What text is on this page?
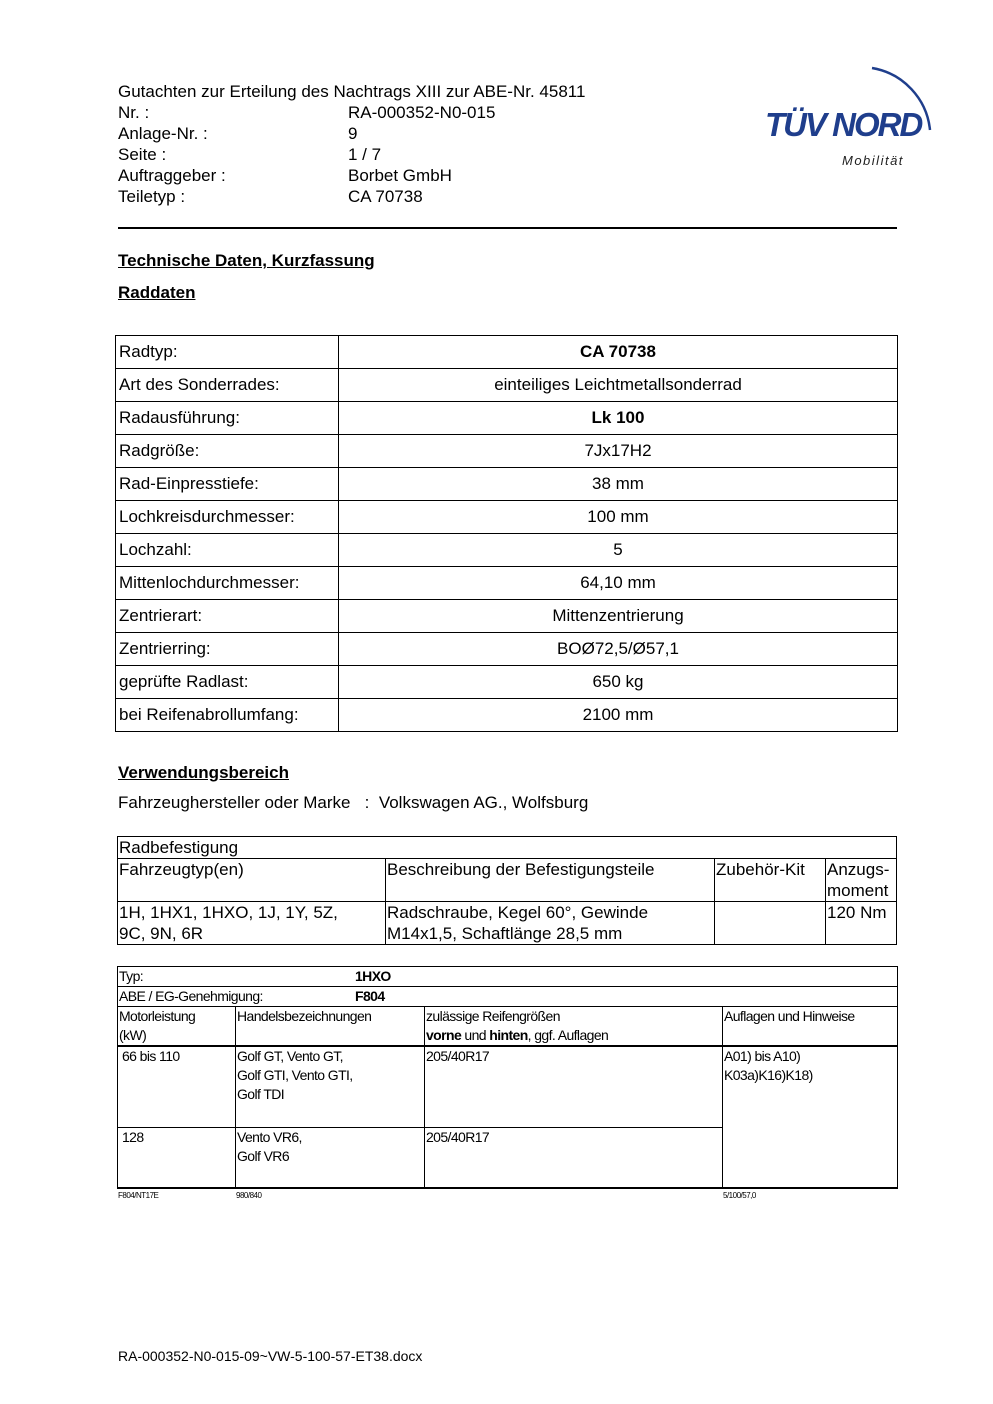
Gutachten zur Erteilung des Nachtrags XIII zur ABE-Nr. 45811
Nr. :	RA-000352-N0-015
Anlage-Nr. :	9
Seite :	1 / 7
Auftraggeber :	Borbet GmbH
Teiletyp :	CA 70738
TÜV NORD
Mobilität
Technische Daten, Kurzfassung
Raddaten
Radtyp:	CA 70738
Art des Sonderrades:	einteiliges Leichtmetallsonderrad
Radausführung:	Lk 100
Radgröße:	7Jx17H2
Rad-Einpresstiefe:	38 mm
Lochkreisdurchmesser:	100 mm
Lochzahl:	5
Mittenlochdurchmesser:	64,10 mm
Zentrierart:	Mittenzentrierung
Zentrierring:	BOØ72,5/Ø57,1
geprüfte Radlast:	650 kg
bei Reifenabrollumfang:	2100 mm
Verwendungsbereich
Fahrzeughersteller oder Marke : Volkswagen AG., Wolfsburg
Radbefestigung			
Fahrzeugtyp(en)	Beschreibung der Befestigungsteile	Zubehör-Kit	Anzugs-
moment
1H, 1HX1, 1HXO, 1J, 1Y, 5Z,
9C, 9N, 6R	Radschraube, Kegel 60°, Gewinde
M14x1,5, Schaftlänge 28,5 mm		120 Nm
Typ: 1HXO			
ABE / EG-Genehmigung: F804			
Motorleistung
(kW)	Handelsbezeichnungen	zulässige Reifengrößen
vorne und hinten, ggf. Auflagen	Auflagen und Hinweise
66 bis 110	Golf GT, Vento GT,
Golf GTI, Vento GTI,
Golf TDI	205/40R17	A01) bis A10)
K03a)K16)K18)
128	Vento VR6,
Golf VR6	205/40R17	
F804/NT17E	980/840	5/100/57,0
RA-000352-N0-015-09~VW-5-100-57-ET38.docx
